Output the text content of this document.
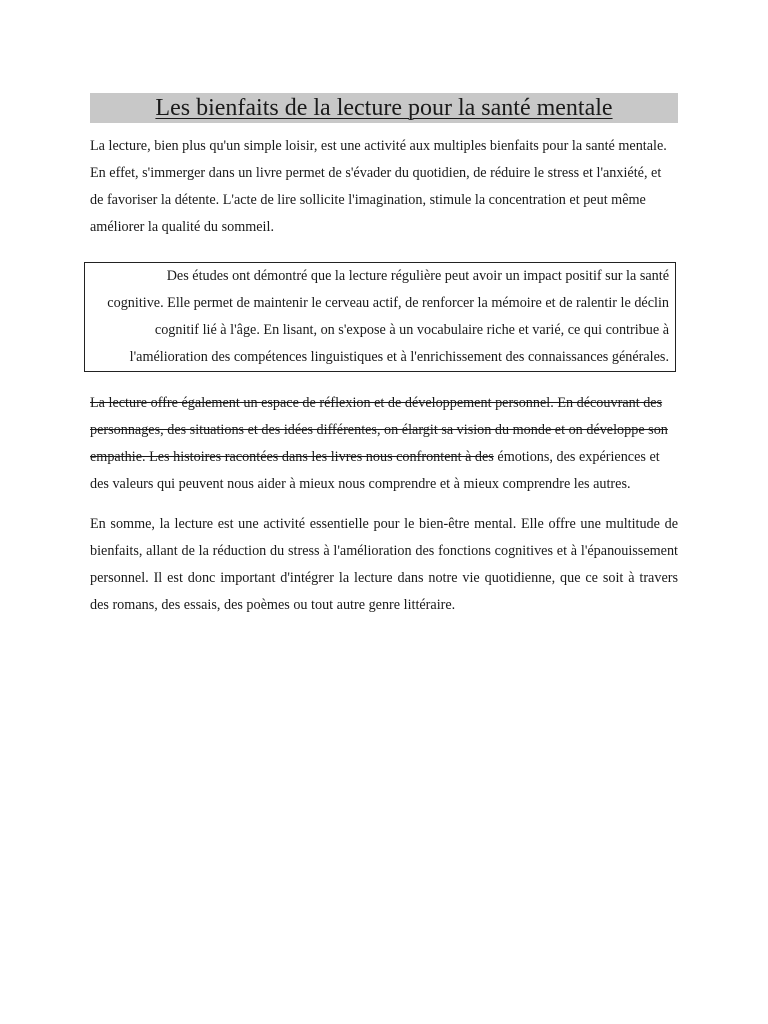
Les bienfaits de la lecture pour la santé mentale

La lecture, bien plus qu'un simple loisir, est une activité aux multiples bienfaits pour la santé mentale. En effet, s'immerger dans un livre permet de s'évader du quotidien, de réduire le stress et l'anxiété, et de favoriser la détente. L'acte de lire sollicite l'imagination, stimule la concentration et peut même améliorer la qualité du sommeil.

Des études ont démontré que la lecture régulière peut avoir un impact positif sur la santé cognitive. Elle permet de maintenir le cerveau actif, de renforcer la mémoire et de ralentir le déclin cognitif lié à l'âge. En lisant, on s'expose à un vocabulaire riche et varié, ce qui contribue à l'amélioration des compétences linguistiques et à l'enrichissement des connaissances générales.

La lecture offre également un espace de réflexion et de développement personnel. En découvrant des personnages, des situations et des idées différentes, on élargit sa vision du monde et on développe son empathie. Les histoires racontées dans les livres nous confrontent à des émotions, des expériences et des valeurs qui peuvent nous aider à mieux nous comprendre et à mieux comprendre les autres.

En somme, la lecture est une activité essentielle pour le bien-être mental. Elle offre une multitude de bienfaits, allant de la réduction du stress à l'amélioration des fonctions cognitives et à l'épanouissement personnel. Il est donc important d'intégrer la lecture dans notre vie quotidienne, que ce soit à travers des romans, des essais, des poèmes ou tout autre genre littéraire.
